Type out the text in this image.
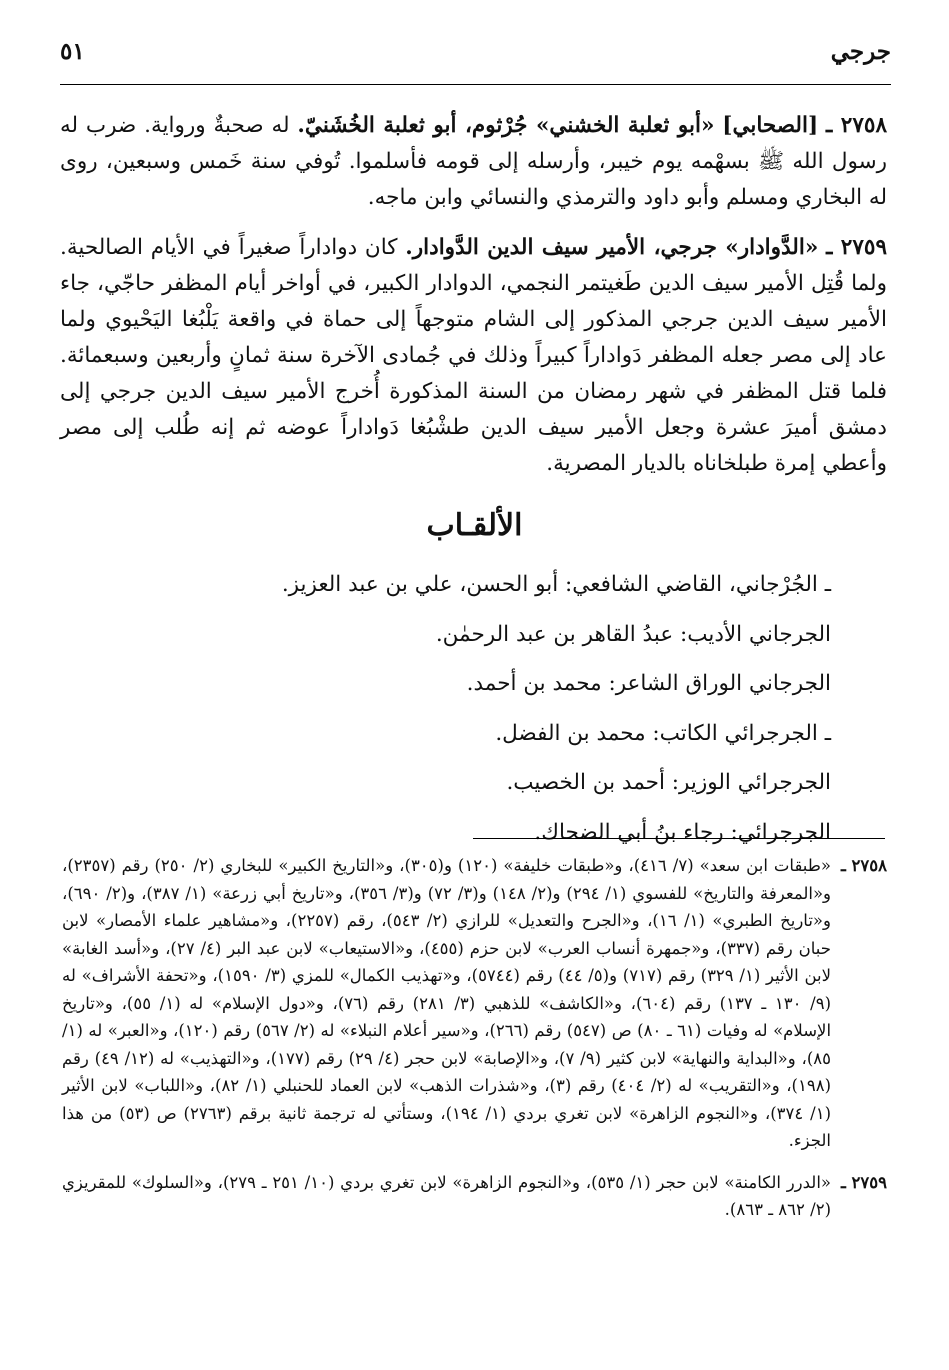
جرجي
٥١

٢٧٥٨ ـ [الصحابي] «أبو ثعلبة الخشني» جُرْثوم، أبو ثعلبة الخُشَنيّ. له صحبةٌ ورواية. ضرب له رسول الله ﷺ بسهْمه يوم خيبر، وأرسله إلى قومه فأسلموا. تُوفي سنة خَمس وسبعين، روى له البخاري ومسلم وأبو داود والترمذي والنسائي وابن ماجه.

٢٧٥٩ ـ «الدَّوادار» جرجي، الأمير سيف الدين الدَّوادار. كان دواداراً صغيراً في الأيام الصالحية. ولما قُتِل الأمير سيف الدين طَغيتمر النجمي، الدوادار الكبير، في أواخر أيام المظفر حاجّي، جاء الأمير سيف الدين جرجي المذكور إلى الشام متوجهاً إلى حماة في واقعة يَلْبُغا اليَحْيوي ولما عاد إلى مصر جعله المظفر دَواداراً كبيراً وذلك في جُمادى الآخرة سنة ثمانٍ وأربعين وسبعمائة. فلما قتل المظفر في شهر رمضان من السنة المذكورة أُخرج الأمير سيف الدين جرجي إلى دمشق أميرَ عشرة وجعل الأمير سيف الدين طشْبُغا دَواداراً عوضه ثم إنه طُلب إلى مصر وأعطي إمرة طبلخاناه بالديار المصرية.

الألقـاب
ـ الجُرْجاني، القاضي الشافعي: أبو الحسن، علي بن عبد العزيز.
الجرجاني الأديب: عبدُ القاهر بن عبد الرحمٰن.
الجرجاني الوراق الشاعر: محمد بن أحمد.
ـ الجرجرائي الكاتب: محمد بن الفضل.
الجرجرائي الوزير: أحمد بن الخصيب.
الجرجرائي: رجاء بنُ أبي الضحاك.
٢٧٥٨ ـ
«طبقات ابن سعد» (٧/ ٤١٦)، و«طبقات خليفة» (١٢٠) و(٣٠٥)، و«التاريخ الكبير» للبخاري (٢/ ٢٥٠) رقم (٢٣٥٧)، و«المعرفة والتاريخ» للفسوي (١/ ٢٩٤) و(٢/ ١٤٨) و(٣/ ٧٢) و(٣/ ٣٥٦)، و«تاريخ أبي زرعة» (١/ ٣٨٧)، و(٢/ ٦٩٠)، و«تاريخ الطبري» (١/ ١٦)، و«الجرح والتعديل» للرازي (٢/ ٥٤٣)، رقم (٢٢٥٧)، و«مشاهير علماء الأمصار» لابن حبان رقم (٣٣٧)، و«جمهرة أنساب العرب» لابن حزم (٤٥٥)، و«الاستيعاب» لابن عبد البر (٤/ ٢٧)، و«أسد الغابة» لابن الأثير (١/ ٣٢٩) رقم (٧١٧) و(٥/ ٤٤) رقم (٥٧٤٤)، و«تهذيب الكمال» للمزي (٣/ ١٥٩٠)، و«تحفة الأشراف» له (٩/ ١٣٠ ـ ١٣٧) رقم (٦٠٤)، و«الكاشف» للذهبي (٣/ ٢٨١) رقم (٧٦)، و«دول الإسلام» له (١/ ٥٥)، و«تاريخ الإسلام» له وفيات (٦١ ـ ٨٠) ص (٥٤٧) رقم (٢٦٦)، و«سير أعلام النبلاء» له (٢/ ٥٦٧) رقم (١٢٠)، و«العبر» له (١/ ٨٥)، و«البداية والنهاية» لابن كثير (٩/ ٧)، و«الإصابة» لابن حجر (٤/ ٢٩) رقم (١٧٧)، و«التهذيب» له (١٢/ ٤٩) رقم (١٩٨)، و«التقريب» له (٢/ ٤٠٤) رقم (٣)، و«شذرات الذهب» لابن العماد للحنبلي (١/ ٨٢)، و«اللباب» لابن الأثير (١/ ٣٧٤)، و«النجوم الزاهرة» لابن تغري بردي (١/ ١٩٤)، وستأتي له ترجمة ثانية برقم (٢٧٦٣) ص (٥٣) من هذا الجزء.
٢٧٥٩ ـ
«الدرر الكامنة» لابن حجر (١/ ٥٣٥)، و«النجوم الزاهرة» لابن تغري بردي (١٠/ ٢٥١ ـ ٢٧٩)، و«السلوك» للمقريزي (٢/ ٨٦٢ ـ ٨٦٣).
